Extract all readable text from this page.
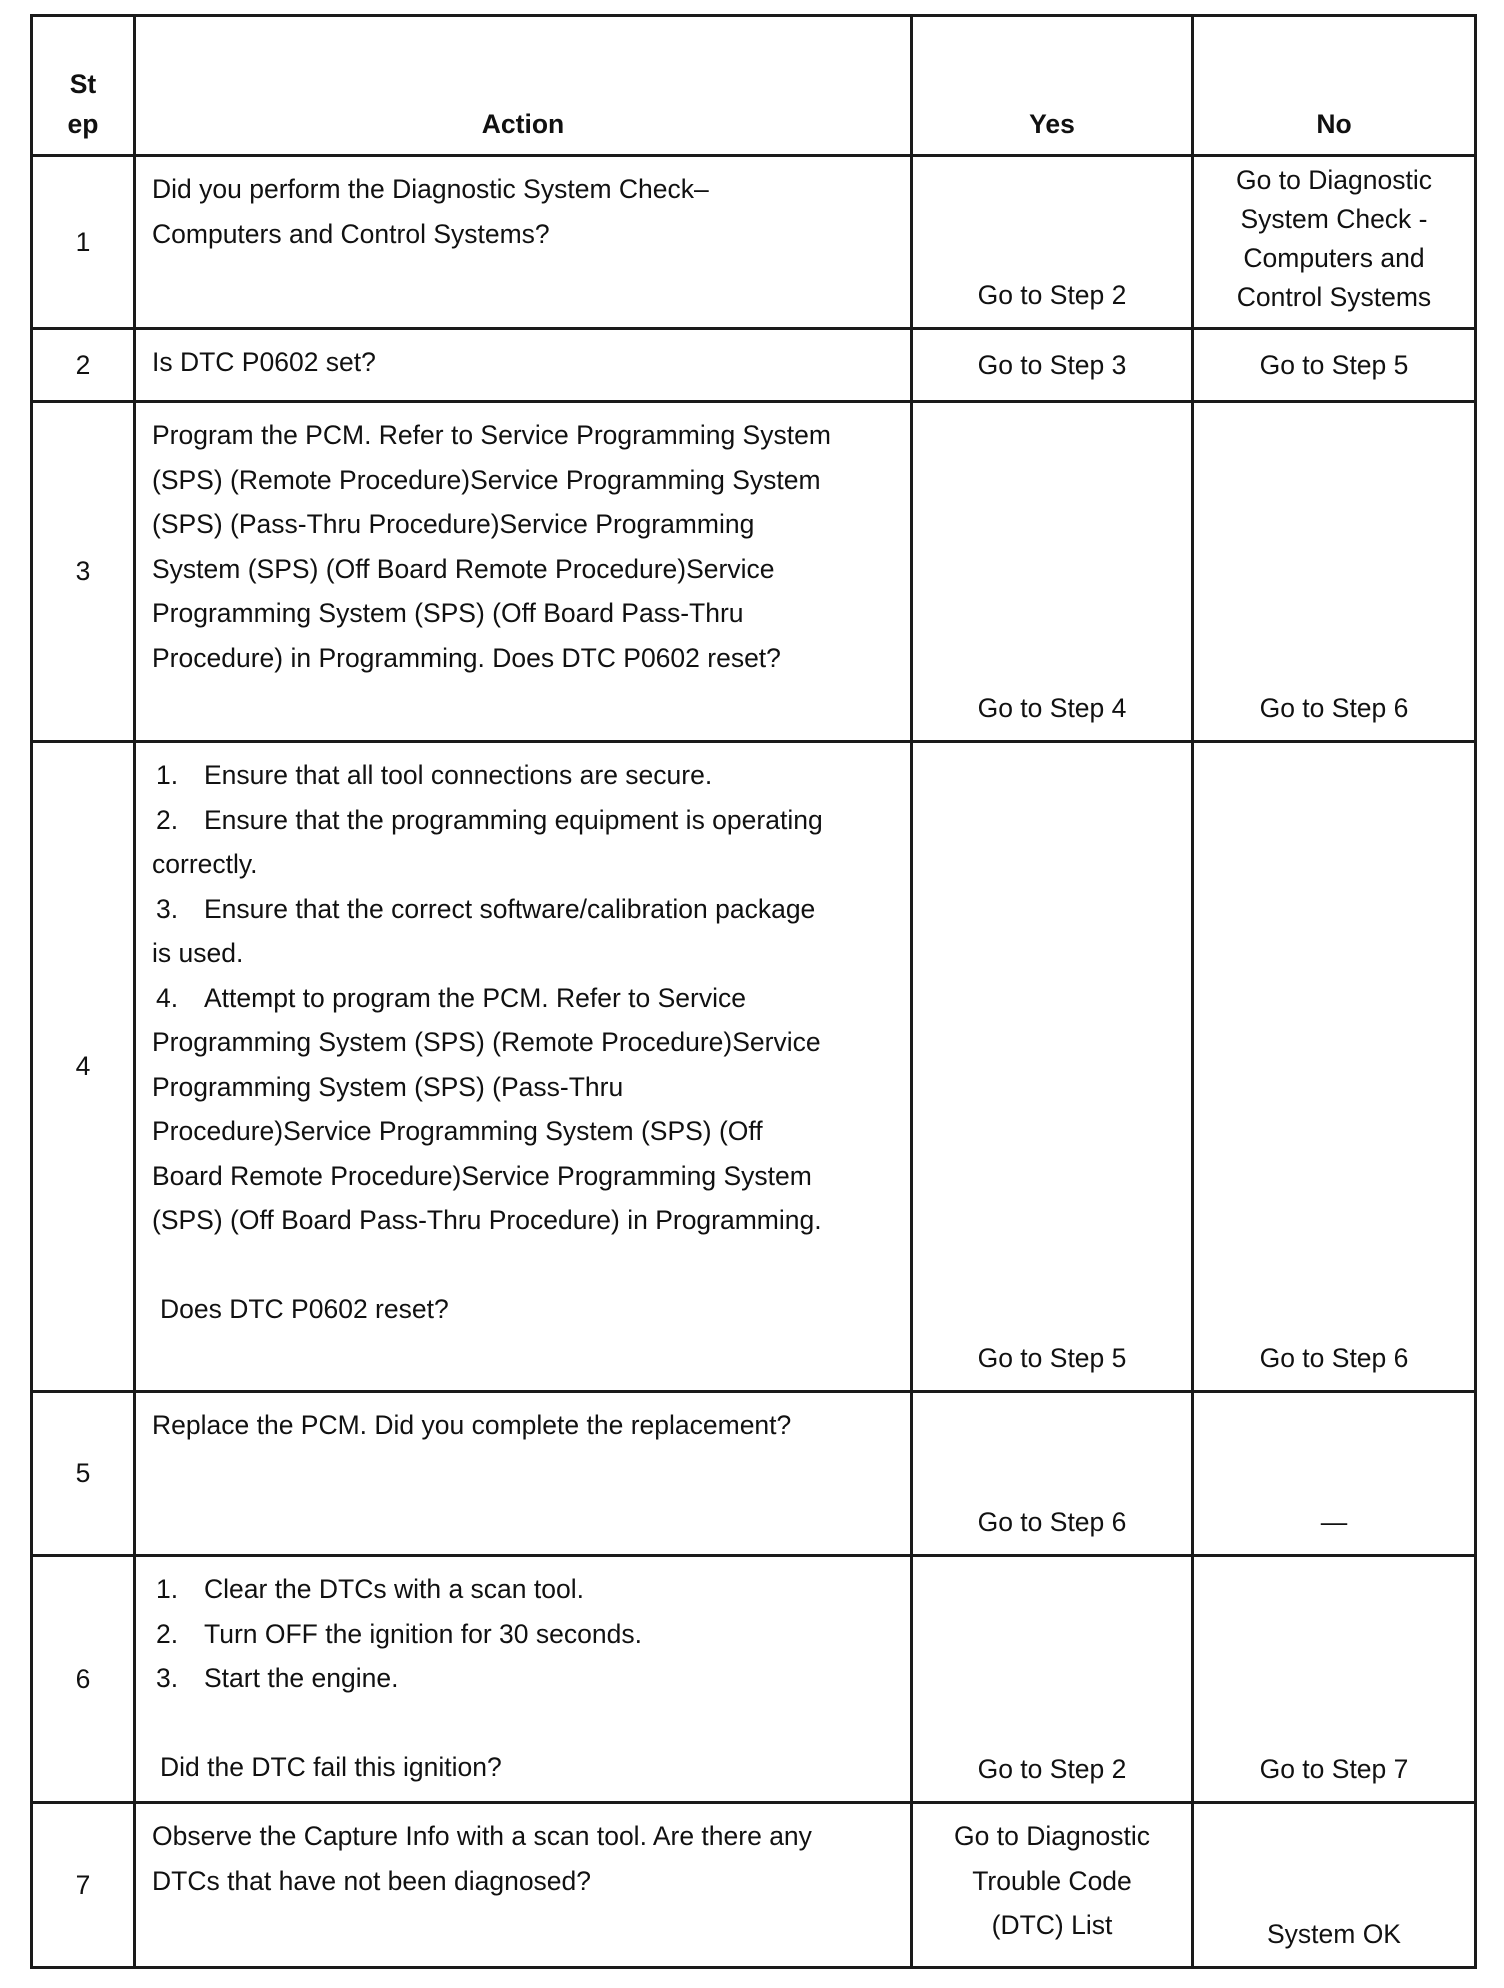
St ep	Action	Yes	No
1	Did you perform the Diagnostic System Check–Computers and Control Systems?	Go to Step 2	Go to Diagnostic System Check - Computers and Control Systems
2	Is DTC P0602 set?	Go to Step 3	Go to Step 5
3	Program the PCM. Refer to Service Programming System (SPS) (Remote Procedure)Service Programming System (SPS) (Pass-Thru Procedure)Service Programming System (SPS) (Off Board Remote Procedure)Service Programming System (SPS) (Off Board Pass-Thru Procedure) in Programming. Does DTC P0602 reset?	Go to Step 4	Go to Step 6
4	1. Ensure that all tool connections are secure.
2. Ensure that the programming equipment is operating correctly.
3. Ensure that the correct software/calibration package is used.
4. Attempt to program the PCM. Refer to Service Programming System (SPS) (Remote Procedure)Service Programming System (SPS) (Pass-Thru Procedure)Service Programming System (SPS) (Off Board Remote Procedure)Service Programming System (SPS) (Off Board Pass-Thru Procedure) in Programming.
Does DTC P0602 reset?	Go to Step 5	Go to Step 6
5	Replace the PCM. Did you complete the replacement?	Go to Step 6	—
6	1. Clear the DTCs with a scan tool.
2. Turn OFF the ignition for 30 seconds.
3. Start the engine.
Did the DTC fail this ignition?	Go to Step 2	Go to Step 7
7	Observe the Capture Info with a scan tool. Are there any DTCs that have not been diagnosed?	Go to Diagnostic Trouble Code (DTC) List	System OK
